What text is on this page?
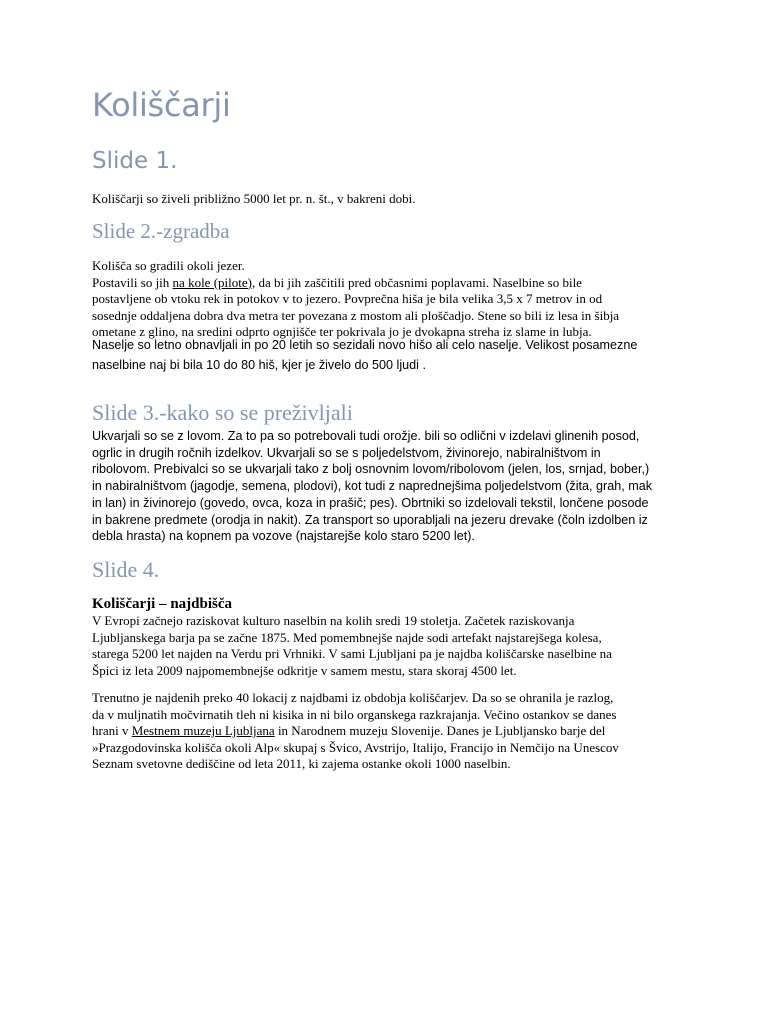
Koliščarji
Slide 1.

Koliščarji so živeli približno 5000 let pr. n. št., v bakreni dobi.

Slide 2.-zgradba
Kolišča so gradili okoli jezer.
Postavili so jih na kole (pilote), da bi jih zaščitili pred občasnimi poplavami. Naselbine so bile
postavljene ob vtoku rek in potokov v to jezero. Povprečna hiša je bila velika 3,5 x 7 metrov in od
sosednje oddaljena dobra dva metra ter povezana z mostom ali ploščadjo. Stene so bili iz lesa in šibja
ometane z glino, na sredini odprto ognjišče ter pokrivala jo je dvokapna streha iz slame in lubja.
Naselje so letno obnavljali in po 20 letih so sezidali novo hišo ali celo naselje. Velikost posamezne
naselbine naj bi bila 10 do 80 hiš, kjer je živelo do 500 ljudi .
Slide 3.-kako so se preživljali
Ukvarjali so se z lovom. Za to pa so potrebovali tudi orožje. bili so odlični v izdelavi glinenih posod,
ogrlic in drugih ročnih izdelkov. Ukvarjali so se s poljedelstvom, živinorejo, nabiralništvom in
ribolovom. Prebivalci so se ukvarjali tako z bolj osnovnim lovom/ribolovom (jelen, los, srnjad, bober,)
in nabiralništvom (jagodje, semena, plodovi), kot tudi z naprednejšima poljedelstvom (žita, grah, mak
in lan) in živinorejo (govedo, ovca, koza in prašič; pes). Obrtniki so izdelovali tekstil, lončene posode
in bakrene predmete (orodja in nakit). Za transport so uporabljali na jezeru drevake (čoln izdolben iz
debla hrasta) na kopnem pa vozove (najstarejše kolo staro 5200 let).
Slide 4.
Koliščarji – najdbišča
V Evropi začnejo raziskovat kulturo naselbin na kolih sredi 19 stoletja. Začetek raziskovanja
Ljubljanskega barja pa se začne 1875. Med pomembnejše najde sodi artefakt najstarejšega kolesa,
starega 5200 let najden na Verdu pri Vrhniki. V sami Ljubljani pa je najdba koliščarske naselbine na
Špici iz leta 2009 najpomembnejše odkritje v samem mestu, stara skoraj 4500 let.
Trenutno je najdenih preko 40 lokacij z najdbami iz obdobja koliščarjev. Da so se ohranila je razlog,
da v muljnatih močvirnatih tleh ni kisika in ni bilo organskega razkrajanja. Večino ostankov se danes
hrani v Mestnem muzeju Ljubljana in Narodnem muzeju Slovenije. Danes je Ljubljansko barje del
»Prazgodovinska kolišča okoli Alp« skupaj s Švico, Avstrijo, Italijo, Francijo in Nemčijo na Unescov
Seznam svetovne dediščine od leta 2011, ki zajema ostanke okoli 1000 naselbin.
